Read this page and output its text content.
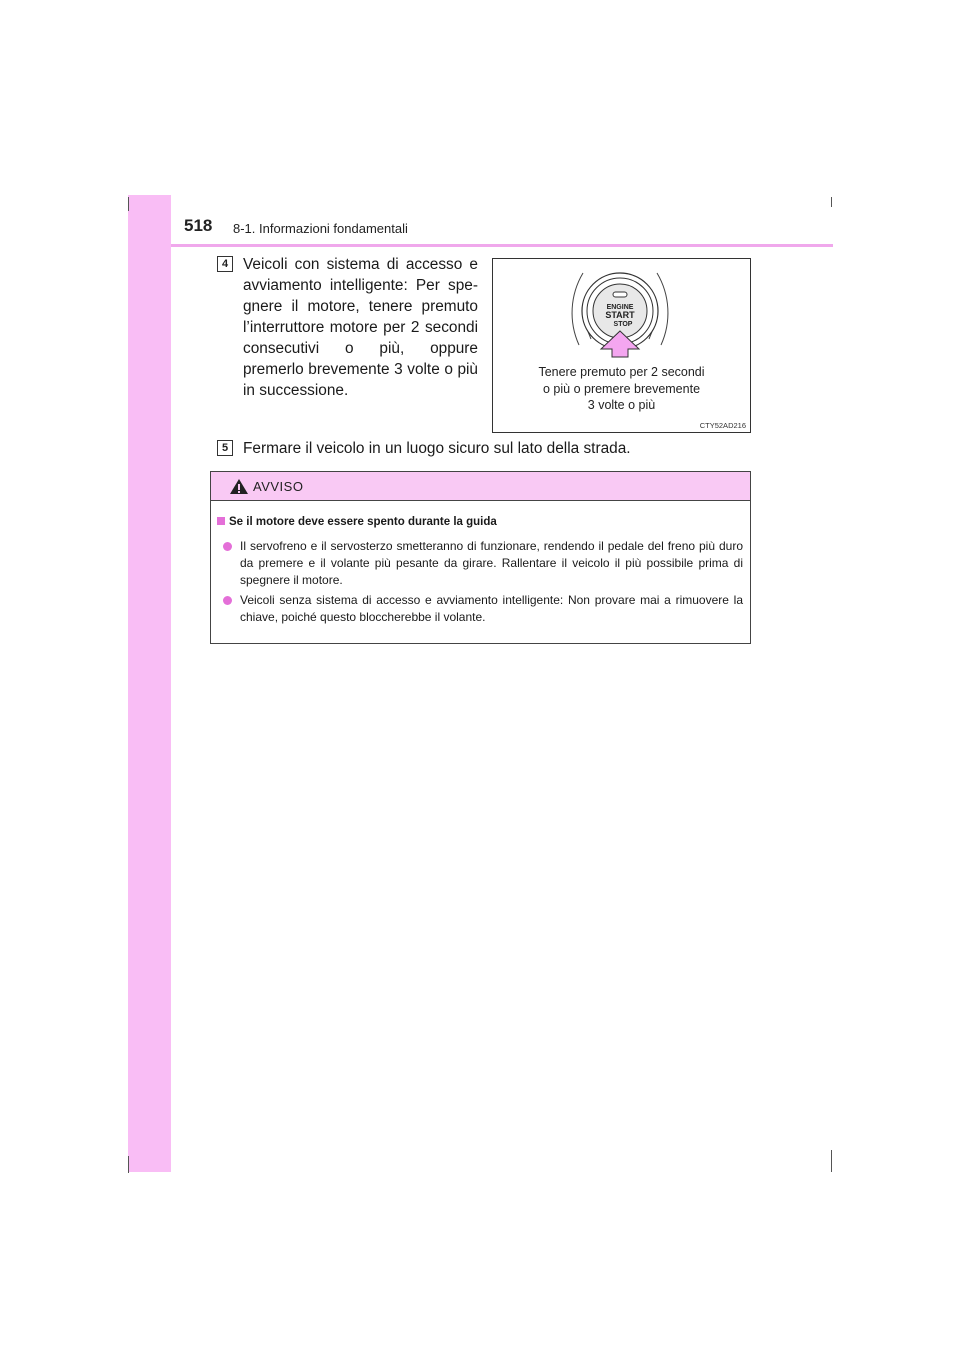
518 8-1. Informazioni fondamentali
4 Veicoli con sistema di accesso e avviamento intelligente: Per spegnere il motore, tenere premuto l’interruttore motore per 2 secondi consecutivi o più, oppure premerlo brevemente 3 volte o più in successione.
ENGINE
START
STOP
Tenere premuto per 2 secondi
o più o premere brevemente
3 volte o più
CTY52AD216
5 Fermare il veicolo in un luogo sicuro sul lato della strada.
AVVISO
Se il motore deve essere spento durante la guida
Il servofreno e il servosterzo smetteranno di funzionare, rendendo il pedale del freno più duro da premere e il volante più pesante da girare. Rallentare il veicolo il più possibile prima di spegnere il motore.
Veicoli senza sistema di accesso e avviamento intelligente: Non provare mai a rimuovere la chiave, poiché questo bloccherebbe il volante.
